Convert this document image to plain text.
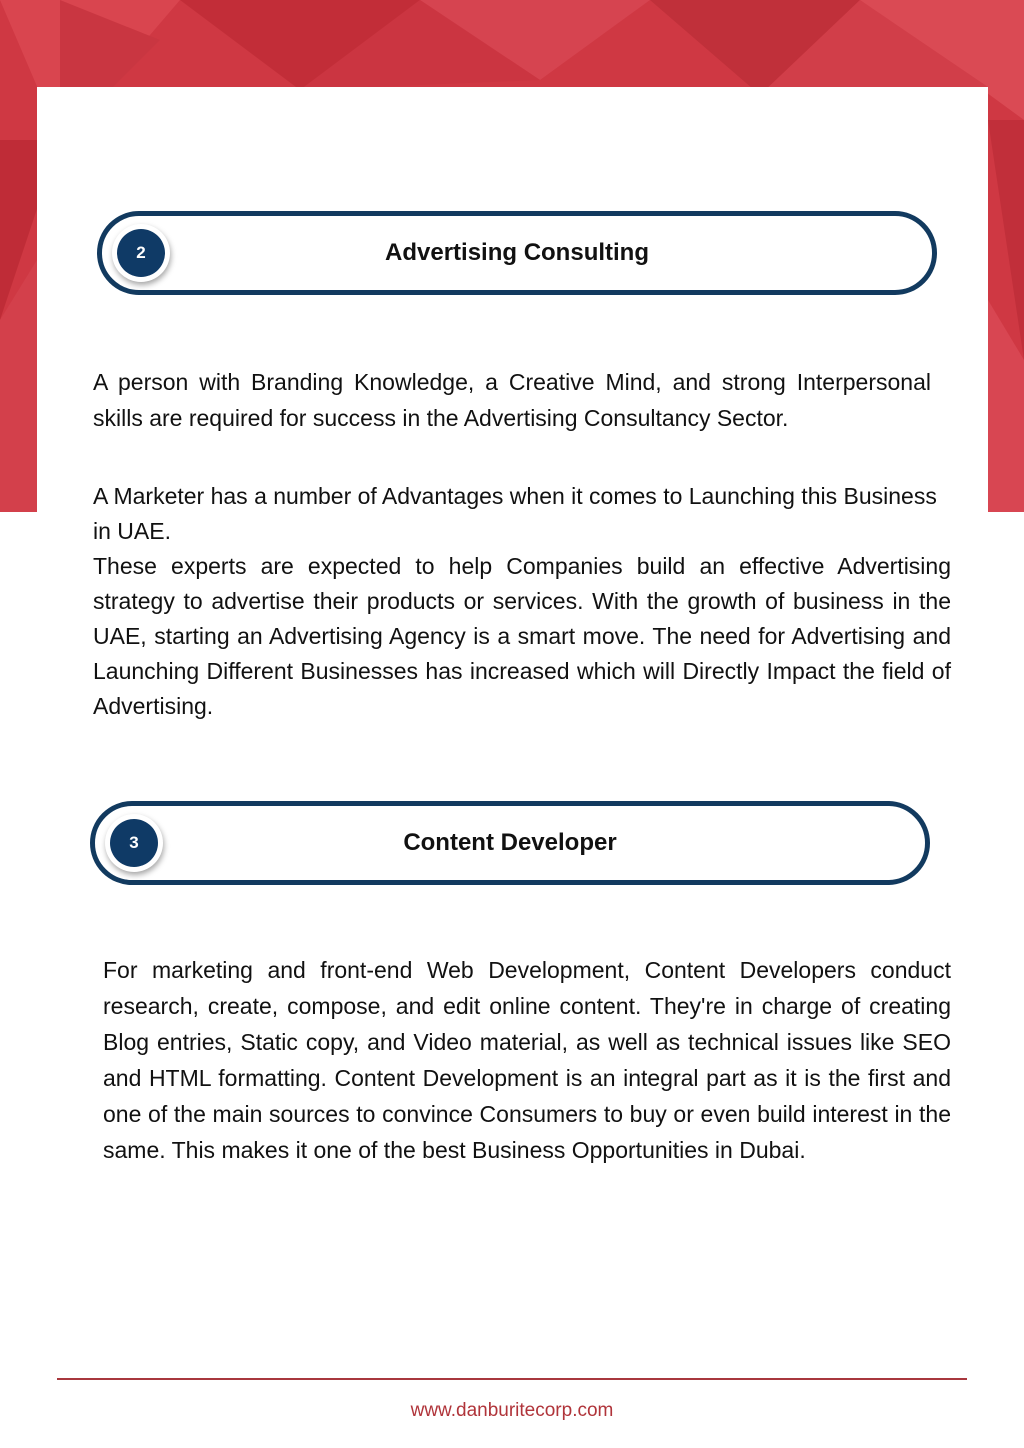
2	Advertising Consulting

A person with Branding Knowledge, a Creative Mind, and strong Interpersonal skills are required for success in the Advertising Consultancy Sector.

A Marketer has a number of Advantages when it comes to Launching this Business in UAE.

These experts are expected to help Companies build an effective Advertising strategy to advertise their products or services. With the growth of business in the UAE, starting an Advertising Agency is a smart move. The need for Advertising and Launching Different Businesses has increased which will Directly Impact the field of Advertising.

3	Content Developer

For marketing and front-end Web Development, Content Developers conduct research, create, compose, and edit online content. They're in charge of creating Blog entries, Static copy, and Video material, as well as technical issues like SEO and HTML formatting. Content Development is an integral part as it is the first and one of the main sources to convince Consumers to buy or even build interest in the same. This makes it one of the best Business Opportunities in Dubai.

www.danburitecorp.com
